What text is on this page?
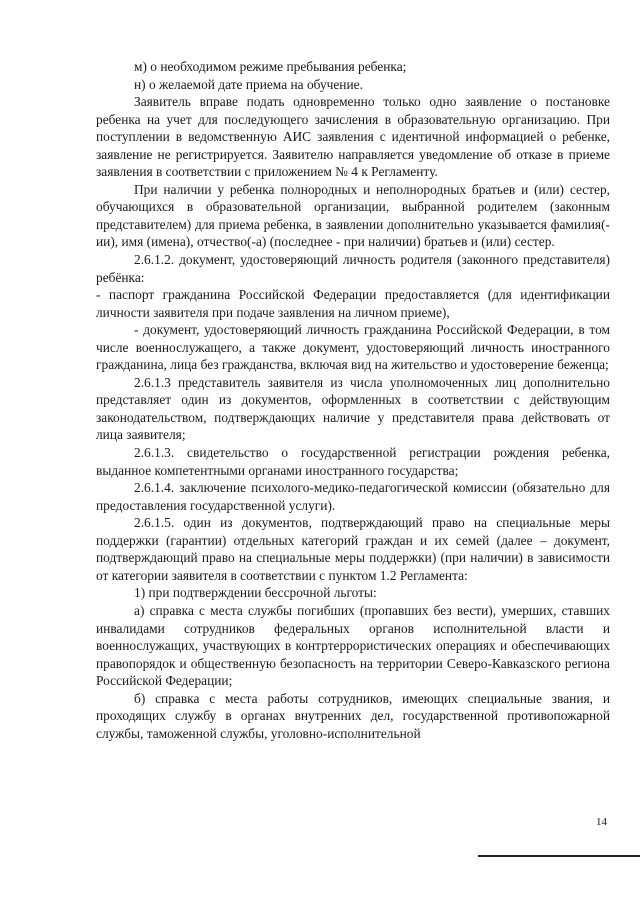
м) о необходимом режиме пребывания ребенка;

н) о желаемой дате приема на обучение.

Заявитель вправе подать одновременно только одно заявление о постановке ребенка на учет для последующего зачисления в образовательную организацию. При поступлении в ведомственную АИС заявления с идентичной информацией о ребенке, заявление не регистрируется. Заявителю направляется уведомление об отказе в приеме заявления в соответствии с приложением № 4 к Регламенту.

При наличии у ребенка полнородных и неполнородных братьев и (или) сестер, обучающихся в образовательной организации, выбранной родителем (законным представителем) для приема ребенка, в заявлении дополнительно указывается фамилия(-ии), имя (имена), отчество(-а) (последнее - при наличии) братьев и (или) сестер.

2.6.1.2. документ, удостоверяющий личность родителя (законного представителя) ребёнка:

- паспорт гражданина Российской Федерации предоставляется (для идентификации личности заявителя при подаче заявления на личном приеме),

- документ, удостоверяющий личность гражданина Российской Федерации, в том числе военнослужащего, а также документ, удостоверяющий личность иностранного гражданина, лица без гражданства, включая вид на жительство и удостоверение беженца;

2.6.1.3 представитель заявителя из числа уполномоченных лиц дополнительно представляет один из документов, оформленных в соответствии с действующим законодательством, подтверждающих наличие у представителя права действовать от лица заявителя;

2.6.1.3. свидетельство о государственной регистрации рождения ребенка, выданное компетентными органами иностранного государства;

2.6.1.4. заключение психолого-медико-педагогической комиссии (обязательно для предоставления государственной услуги).

2.6.1.5. один из документов, подтверждающий право на специальные меры поддержки (гарантии) отдельных категорий граждан и их семей (далее – документ, подтверждающий право на специальные меры поддержки) (при наличии) в зависимости от категории заявителя в соответствии с пунктом 1.2 Регламента:

1) при подтверждении бессрочной льготы:

а) справка с места службы погибших (пропавших без вести), умерших, ставших инвалидами сотрудников федеральных органов исполнительной власти и военнослужащих, участвующих в контртеррористических операциях и обеспечивающих правопорядок и общественную безопасность на территории Северо-Кавказского региона Российской Федерации;

б) справка с места работы сотрудников, имеющих специальные звания, и проходящих службу в органах внутренних дел, государственной противопожарной службы, таможенной службы, уголовно-исполнительной

14
